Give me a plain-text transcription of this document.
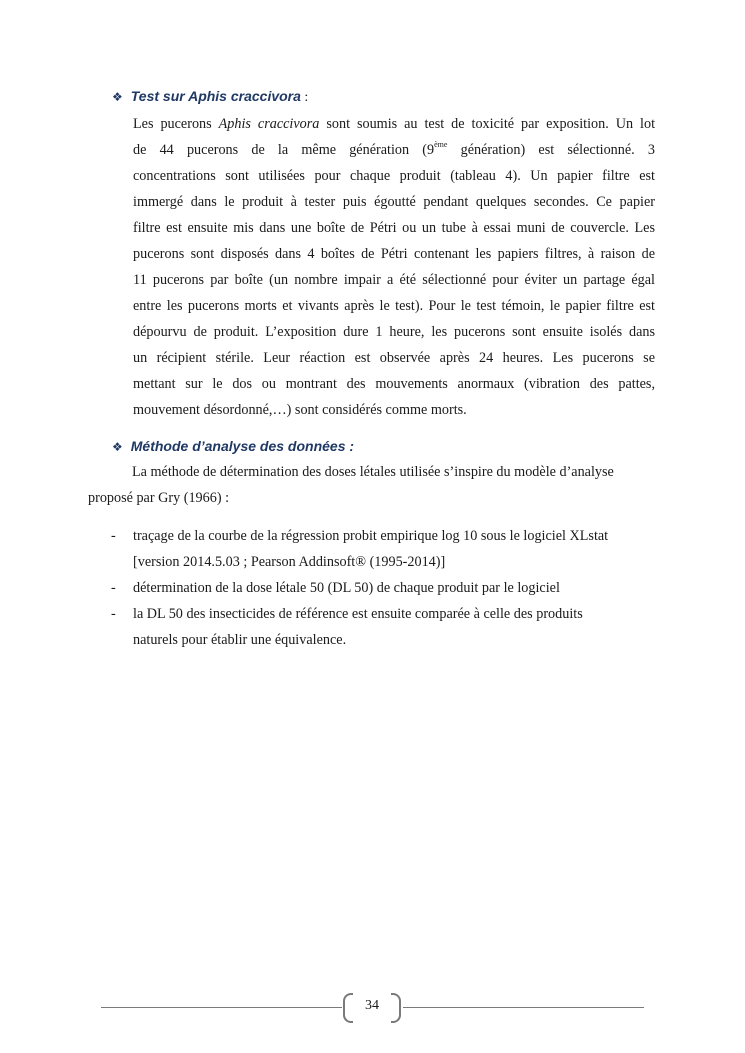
❖ Test sur Aphis craccivora :
Les pucerons Aphis craccivora sont soumis au test de toxicité par exposition. Un lot
de 44 pucerons de la même génération (9ème génération) est sélectionné. 3
concentrations sont utilisées pour chaque produit (tableau 4). Un papier filtre est
immergé dans le produit à tester puis égoutté pendant quelques secondes. Ce papier
filtre est ensuite mis dans une boîte de Pétri ou un tube à essai muni de couvercle. Les
pucerons sont disposés dans 4 boîtes de Pétri contenant les papiers filtres, à raison de
11 pucerons par boîte (un nombre impair a été sélectionné pour éviter un partage égal
entre les pucerons morts et vivants après le test). Pour le test témoin, le papier filtre est
dépourvu de produit. L’exposition dure 1 heure, les pucerons sont ensuite isolés dans
un récipient stérile. Leur réaction est observée après 24 heures. Les pucerons se
mettant sur le dos ou montrant des mouvements anormaux (vibration des pattes,
mouvement désordonné,…) sont considérés comme morts.
❖ Méthode d’analyse des données :
La méthode de détermination des doses létales utilisée s’inspire du modèle d’analyse
proposé par Gry (1966) :
- traçage de la courbe de la régression probit empirique log 10 sous le logiciel XLstat
[version 2014.5.03 ; Pearson Addinsoft® (1995-2014)]
- détermination de la dose létale 50 (DL 50) de chaque produit par le logiciel
- la DL 50 des insecticides de référence est ensuite comparée à celle des produits
naturels pour établir une équivalence.
34
